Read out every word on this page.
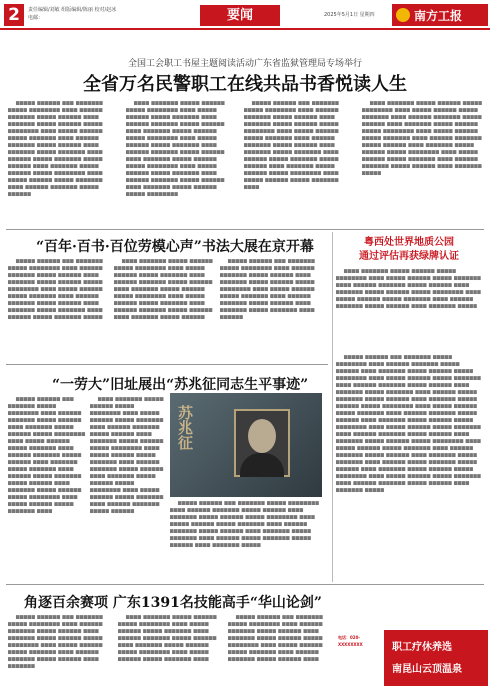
2	责任编辑/刘敏 组版编辑/陈丽 校对/赵冰
电邮：	要闻	2025年5月1日 星期四	南方工报
全国工会职工书屋主题阅读活动广东省监狱管理局专场举行
全省万名民警职工在线共品书香悦读人生
▆▆▆▆▆ ▆▆▆▆▆▆ ▆▆▆ ▆▆▆▆▆▆▆ ▆▆▆▆▆ ▆▆▆▆▆▆▆▆ ▆▆▆▆ ▆▆▆▆▆▆ ▆▆▆▆▆▆▆ ▆▆▆▆▆ ▆▆▆▆▆▆ ▆▆▆▆ ▆▆▆▆▆▆▆ ▆▆▆▆▆ ▆▆▆▆▆▆ ▆▆▆▆▆ ▆▆▆▆▆▆▆▆ ▆▆▆▆ ▆▆▆▆▆ ▆▆▆▆▆▆ ▆▆▆▆▆ ▆▆▆▆▆▆▆ ▆▆▆▆ ▆▆▆▆▆▆ ▆▆▆▆▆▆▆ ▆▆▆▆▆ ▆▆▆▆▆▆ ▆▆▆▆ ▆▆▆▆▆▆▆ ▆▆▆▆▆ ▆▆▆▆▆▆▆ ▆▆▆▆ ▆▆▆▆▆▆ ▆▆▆▆▆ ▆▆▆▆▆▆▆ ▆▆▆▆▆ ▆▆▆▆▆▆ ▆▆▆▆ ▆▆▆▆▆▆▆ ▆▆▆▆▆ ▆▆▆▆▆▆ ▆▆▆▆▆ ▆▆▆▆▆▆▆▆ ▆▆▆▆ ▆▆▆▆▆ ▆▆▆▆▆▆ ▆▆▆▆▆ ▆▆▆▆▆▆▆ ▆▆▆▆ ▆▆▆▆▆▆ ▆▆▆▆▆▆▆ ▆▆▆▆▆ ▆▆▆▆▆▆
▆▆▆▆ ▆▆▆▆▆▆▆ ▆▆▆▆▆ ▆▆▆▆▆▆ ▆▆▆▆▆ ▆▆▆▆▆▆▆▆ ▆▆▆▆ ▆▆▆▆▆ ▆▆▆▆▆▆ ▆▆▆▆▆ ▆▆▆▆▆▆▆ ▆▆▆▆ ▆▆▆▆▆▆ ▆▆▆▆▆▆▆ ▆▆▆▆▆ ▆▆▆▆▆▆ ▆▆▆▆ ▆▆▆▆▆▆▆ ▆▆▆▆▆ ▆▆▆▆▆▆ ▆▆▆▆▆ ▆▆▆▆▆▆▆▆ ▆▆▆▆ ▆▆▆▆▆ ▆▆▆▆▆▆ ▆▆▆▆▆ ▆▆▆▆▆▆▆ ▆▆▆▆ ▆▆▆▆▆▆ ▆▆▆▆▆▆▆ ▆▆▆▆▆ ▆▆▆▆▆▆ ▆▆▆▆ ▆▆▆▆▆▆▆ ▆▆▆▆▆ ▆▆▆▆▆▆ ▆▆▆▆▆ ▆▆▆▆▆▆▆▆ ▆▆▆▆ ▆▆▆▆▆ ▆▆▆▆▆▆ ▆▆▆▆▆ ▆▆▆▆▆▆▆ ▆▆▆▆ ▆▆▆▆▆▆ ▆▆▆▆▆▆▆ ▆▆▆▆▆ ▆▆▆▆▆▆ ▆▆▆▆ ▆▆▆▆▆▆▆ ▆▆▆▆▆ ▆▆▆▆▆▆ ▆▆▆▆▆ ▆▆▆▆▆▆▆▆
▆▆▆▆▆ ▆▆▆▆▆▆ ▆▆▆ ▆▆▆▆▆▆▆ ▆▆▆▆▆ ▆▆▆▆▆▆▆▆ ▆▆▆▆ ▆▆▆▆▆▆ ▆▆▆▆▆▆▆ ▆▆▆▆▆ ▆▆▆▆▆▆ ▆▆▆▆ ▆▆▆▆▆▆▆ ▆▆▆▆▆ ▆▆▆▆▆▆ ▆▆▆▆▆ ▆▆▆▆▆▆▆▆ ▆▆▆▆ ▆▆▆▆▆ ▆▆▆▆▆▆ ▆▆▆▆▆ ▆▆▆▆▆▆▆ ▆▆▆▆ ▆▆▆▆▆▆ ▆▆▆▆▆▆▆ ▆▆▆▆▆ ▆▆▆▆▆▆ ▆▆▆▆ ▆▆▆▆▆▆▆ ▆▆▆▆▆ ▆▆▆▆▆▆▆ ▆▆▆▆ ▆▆▆▆▆▆ ▆▆▆▆▆ ▆▆▆▆▆▆▆ ▆▆▆▆▆ ▆▆▆▆▆▆ ▆▆▆▆ ▆▆▆▆▆▆▆ ▆▆▆▆▆ ▆▆▆▆▆▆ ▆▆▆▆▆ ▆▆▆▆▆▆▆▆ ▆▆▆▆ ▆▆▆▆▆ ▆▆▆▆▆▆ ▆▆▆▆▆ ▆▆▆▆▆▆▆ ▆▆▆▆
▆▆▆▆ ▆▆▆▆▆▆▆ ▆▆▆▆▆ ▆▆▆▆▆▆ ▆▆▆▆▆ ▆▆▆▆▆▆▆▆ ▆▆▆▆ ▆▆▆▆▆ ▆▆▆▆▆▆ ▆▆▆▆▆ ▆▆▆▆▆▆▆ ▆▆▆▆ ▆▆▆▆▆▆ ▆▆▆▆▆▆▆ ▆▆▆▆▆ ▆▆▆▆▆▆ ▆▆▆▆ ▆▆▆▆▆▆▆ ▆▆▆▆▆ ▆▆▆▆▆▆ ▆▆▆▆▆ ▆▆▆▆▆▆▆▆ ▆▆▆▆ ▆▆▆▆▆ ▆▆▆▆▆▆ ▆▆▆▆▆ ▆▆▆▆▆▆▆ ▆▆▆▆ ▆▆▆▆▆▆ ▆▆▆▆▆▆▆ ▆▆▆▆▆ ▆▆▆▆▆▆ ▆▆▆▆ ▆▆▆▆▆▆▆ ▆▆▆▆▆ ▆▆▆▆▆▆ ▆▆▆▆▆ ▆▆▆▆▆▆▆▆ ▆▆▆▆ ▆▆▆▆▆ ▆▆▆▆▆▆ ▆▆▆▆▆ ▆▆▆▆▆▆▆ ▆▆▆▆ ▆▆▆▆▆▆ ▆▆▆▆▆▆▆ ▆▆▆▆▆ ▆▆▆▆▆▆ ▆▆▆▆ ▆▆▆▆▆▆▆ ▆▆▆▆▆
“百年·百书·百位劳模心声”书法大展在京开幕
▆▆▆▆▆ ▆▆▆▆▆▆ ▆▆▆ ▆▆▆▆▆▆▆ ▆▆▆▆▆ ▆▆▆▆▆▆▆▆ ▆▆▆▆ ▆▆▆▆▆▆ ▆▆▆▆▆▆▆ ▆▆▆▆▆ ▆▆▆▆▆▆ ▆▆▆▆ ▆▆▆▆▆▆▆ ▆▆▆▆▆ ▆▆▆▆▆▆ ▆▆▆▆▆ ▆▆▆▆▆▆▆▆ ▆▆▆▆ ▆▆▆▆▆ ▆▆▆▆▆▆ ▆▆▆▆▆ ▆▆▆▆▆▆▆ ▆▆▆▆ ▆▆▆▆▆▆ ▆▆▆▆▆▆▆ ▆▆▆▆▆ ▆▆▆▆▆▆ ▆▆▆▆ ▆▆▆▆▆▆▆ ▆▆▆▆▆ ▆▆▆▆▆▆▆ ▆▆▆▆ ▆▆▆▆▆▆ ▆▆▆▆▆ ▆▆▆▆▆▆▆ ▆▆▆▆▆
▆▆▆▆ ▆▆▆▆▆▆▆ ▆▆▆▆▆ ▆▆▆▆▆▆ ▆▆▆▆▆ ▆▆▆▆▆▆▆▆ ▆▆▆▆ ▆▆▆▆▆ ▆▆▆▆▆▆ ▆▆▆▆▆ ▆▆▆▆▆▆▆ ▆▆▆▆ ▆▆▆▆▆▆ ▆▆▆▆▆▆▆ ▆▆▆▆▆ ▆▆▆▆▆▆ ▆▆▆▆ ▆▆▆▆▆▆▆ ▆▆▆▆▆ ▆▆▆▆▆▆ ▆▆▆▆▆ ▆▆▆▆▆▆▆▆ ▆▆▆▆ ▆▆▆▆▆ ▆▆▆▆▆▆ ▆▆▆▆▆ ▆▆▆▆▆▆▆ ▆▆▆▆ ▆▆▆▆▆▆ ▆▆▆▆▆▆▆ ▆▆▆▆▆ ▆▆▆▆▆▆ ▆▆▆▆ ▆▆▆▆▆▆▆ ▆▆▆▆▆ ▆▆▆▆▆▆
▆▆▆▆▆ ▆▆▆▆▆▆ ▆▆▆ ▆▆▆▆▆▆▆ ▆▆▆▆▆ ▆▆▆▆▆▆▆▆ ▆▆▆▆ ▆▆▆▆▆▆ ▆▆▆▆▆▆▆ ▆▆▆▆▆ ▆▆▆▆▆▆ ▆▆▆▆ ▆▆▆▆▆▆▆ ▆▆▆▆▆ ▆▆▆▆▆▆ ▆▆▆▆▆ ▆▆▆▆▆▆▆▆ ▆▆▆▆ ▆▆▆▆▆ ▆▆▆▆▆▆ ▆▆▆▆▆ ▆▆▆▆▆▆▆ ▆▆▆▆ ▆▆▆▆▆▆ ▆▆▆▆▆▆▆ ▆▆▆▆▆ ▆▆▆▆▆▆ ▆▆▆▆ ▆▆▆▆▆▆▆ ▆▆▆▆▆ ▆▆▆▆▆▆▆ ▆▆▆▆ ▆▆▆▆▆▆
粤西处世界地质公园
通过评估再获绿牌认证
▆▆▆▆ ▆▆▆▆▆▆▆ ▆▆▆▆▆ ▆▆▆▆▆▆ ▆▆▆▆▆ ▆▆▆▆▆▆▆▆ ▆▆▆▆ ▆▆▆▆▆ ▆▆▆▆▆▆ ▆▆▆▆▆ ▆▆▆▆▆▆▆ ▆▆▆▆ ▆▆▆▆▆▆ ▆▆▆▆▆▆▆ ▆▆▆▆▆ ▆▆▆▆▆▆ ▆▆▆▆ ▆▆▆▆▆▆▆ ▆▆▆▆▆ ▆▆▆▆▆▆ ▆▆▆▆▆ ▆▆▆▆▆▆▆▆ ▆▆▆▆ ▆▆▆▆▆ ▆▆▆▆▆▆ ▆▆▆▆▆ ▆▆▆▆▆▆▆ ▆▆▆▆ ▆▆▆▆▆▆ ▆▆▆▆▆▆▆ ▆▆▆▆▆ ▆▆▆▆▆▆ ▆▆▆▆ ▆▆▆▆▆▆▆ ▆▆▆▆▆
▆▆▆▆▆ ▆▆▆▆▆▆ ▆▆▆ ▆▆▆▆▆▆▆ ▆▆▆▆▆ ▆▆▆▆▆▆▆▆ ▆▆▆▆ ▆▆▆▆▆▆ ▆▆▆▆▆▆▆ ▆▆▆▆▆ ▆▆▆▆▆▆ ▆▆▆▆ ▆▆▆▆▆▆▆ ▆▆▆▆▆ ▆▆▆▆▆▆ ▆▆▆▆▆ ▆▆▆▆▆▆▆▆ ▆▆▆▆ ▆▆▆▆▆ ▆▆▆▆▆▆ ▆▆▆▆▆ ▆▆▆▆▆▆▆ ▆▆▆▆ ▆▆▆▆▆▆ ▆▆▆▆▆▆▆ ▆▆▆▆▆ ▆▆▆▆▆▆ ▆▆▆▆ ▆▆▆▆▆▆▆ ▆▆▆▆▆ ▆▆▆▆▆▆▆ ▆▆▆▆ ▆▆▆▆▆▆ ▆▆▆▆▆ ▆▆▆▆▆▆▆ ▆▆▆▆▆ ▆▆▆▆▆▆ ▆▆▆▆ ▆▆▆▆▆▆▆ ▆▆▆▆▆ ▆▆▆▆▆▆ ▆▆▆▆▆ ▆▆▆▆▆▆▆▆ ▆▆▆▆ ▆▆▆▆▆ ▆▆▆▆▆▆ ▆▆▆▆▆ ▆▆▆▆▆▆▆ ▆▆▆▆ ▆▆▆▆▆▆ ▆▆▆▆▆▆▆ ▆▆▆▆▆ ▆▆▆▆▆▆ ▆▆▆▆ ▆▆▆▆▆▆▆ ▆▆▆▆▆ ▆▆▆▆▆▆ ▆▆▆▆▆ ▆▆▆▆▆▆▆▆ ▆▆▆▆ ▆▆▆▆▆ ▆▆▆▆▆▆ ▆▆▆▆▆ ▆▆▆▆▆▆▆ ▆▆▆▆ ▆▆▆▆▆▆ ▆▆▆▆▆▆▆ ▆▆▆▆▆ ▆▆▆▆▆▆ ▆▆▆▆ ▆▆▆▆▆▆▆ ▆▆▆▆▆ ▆▆▆▆▆▆ ▆▆▆▆▆ ▆▆▆▆▆▆▆▆ ▆▆▆▆ ▆▆▆▆▆ ▆▆▆▆▆▆ ▆▆▆▆▆ ▆▆▆▆▆▆▆ ▆▆▆▆ ▆▆▆▆▆▆ ▆▆▆▆▆▆▆ ▆▆▆▆▆ ▆▆▆▆▆▆ ▆▆▆▆ ▆▆▆▆▆▆▆ ▆▆▆▆▆ ▆▆▆▆▆▆▆ ▆▆▆▆ ▆▆▆▆▆▆ ▆▆▆▆▆ ▆▆▆▆▆▆▆ ▆▆▆▆▆ ▆▆▆▆▆▆ ▆▆▆▆ ▆▆▆▆▆▆▆ ▆▆▆▆▆ ▆▆▆▆▆▆ ▆▆▆▆▆ ▆▆▆▆▆▆▆▆ ▆▆▆▆ ▆▆▆▆▆ ▆▆▆▆▆▆ ▆▆▆▆▆ ▆▆▆▆▆▆▆ ▆▆▆▆ ▆▆▆▆▆▆ ▆▆▆▆▆▆▆ ▆▆▆▆▆ ▆▆▆▆▆▆ ▆▆▆▆ ▆▆▆▆▆▆▆ ▆▆▆▆▆
“一劳大”旧址展出“苏兆征同志生平事迹”
▆▆▆▆▆ ▆▆▆▆▆▆ ▆▆▆ ▆▆▆▆▆▆▆ ▆▆▆▆▆ ▆▆▆▆▆▆▆▆ ▆▆▆▆ ▆▆▆▆▆▆ ▆▆▆▆▆▆▆ ▆▆▆▆▆ ▆▆▆▆▆▆ ▆▆▆▆ ▆▆▆▆▆▆▆ ▆▆▆▆▆ ▆▆▆▆▆▆ ▆▆▆▆▆ ▆▆▆▆▆▆▆▆ ▆▆▆▆ ▆▆▆▆▆ ▆▆▆▆▆▆ ▆▆▆▆▆ ▆▆▆▆▆▆▆ ▆▆▆▆ ▆▆▆▆▆▆ ▆▆▆▆▆▆▆ ▆▆▆▆▆ ▆▆▆▆▆▆ ▆▆▆▆ ▆▆▆▆▆▆▆ ▆▆▆▆▆ ▆▆▆▆▆▆▆ ▆▆▆▆ ▆▆▆▆▆▆ ▆▆▆▆▆ ▆▆▆▆▆▆▆ ▆▆▆▆▆ ▆▆▆▆▆▆ ▆▆▆▆ ▆▆▆▆▆▆▆ ▆▆▆▆▆ ▆▆▆▆▆▆ ▆▆▆▆▆ ▆▆▆▆▆▆▆▆ ▆▆▆▆ ▆▆▆▆▆ ▆▆▆▆▆▆ ▆▆▆▆▆ ▆▆▆▆▆▆▆ ▆▆▆▆
▆▆▆▆ ▆▆▆▆▆▆▆ ▆▆▆▆▆ ▆▆▆▆▆▆ ▆▆▆▆▆ ▆▆▆▆▆▆▆▆ ▆▆▆▆ ▆▆▆▆▆ ▆▆▆▆▆▆ ▆▆▆▆▆ ▆▆▆▆▆▆▆ ▆▆▆▆ ▆▆▆▆▆▆ ▆▆▆▆▆▆▆ ▆▆▆▆▆ ▆▆▆▆▆▆ ▆▆▆▆ ▆▆▆▆▆▆▆ ▆▆▆▆▆ ▆▆▆▆▆▆ ▆▆▆▆▆ ▆▆▆▆▆▆▆▆ ▆▆▆▆ ▆▆▆▆▆ ▆▆▆▆▆▆ ▆▆▆▆▆ ▆▆▆▆▆▆▆ ▆▆▆▆ ▆▆▆▆▆▆ ▆▆▆▆▆▆▆ ▆▆▆▆▆ ▆▆▆▆▆▆ ▆▆▆▆ ▆▆▆▆▆▆▆ ▆▆▆▆▆ ▆▆▆▆▆▆ ▆▆▆▆▆ ▆▆▆▆▆▆▆▆ ▆▆▆▆ ▆▆▆▆▆ ▆▆▆▆▆▆ ▆▆▆▆▆ ▆▆▆▆▆▆▆ ▆▆▆▆ ▆▆▆▆▆▆ ▆▆▆▆▆▆▆ ▆▆▆▆▆ ▆▆▆▆▆▆
苏兆征
▆▆▆▆▆ ▆▆▆▆▆▆ ▆▆▆ ▆▆▆▆▆▆▆ ▆▆▆▆▆ ▆▆▆▆▆▆▆▆ ▆▆▆▆ ▆▆▆▆▆▆ ▆▆▆▆▆▆▆ ▆▆▆▆▆ ▆▆▆▆▆▆ ▆▆▆▆ ▆▆▆▆▆▆▆ ▆▆▆▆▆ ▆▆▆▆▆▆ ▆▆▆▆▆ ▆▆▆▆▆▆▆▆ ▆▆▆▆ ▆▆▆▆▆ ▆▆▆▆▆▆ ▆▆▆▆▆ ▆▆▆▆▆▆▆ ▆▆▆▆ ▆▆▆▆▆▆ ▆▆▆▆▆▆▆ ▆▆▆▆▆ ▆▆▆▆▆▆ ▆▆▆▆ ▆▆▆▆▆▆▆ ▆▆▆▆▆ ▆▆▆▆▆▆▆ ▆▆▆▆ ▆▆▆▆▆▆ ▆▆▆▆▆ ▆▆▆▆▆▆▆ ▆▆▆▆▆ ▆▆▆▆▆▆ ▆▆▆▆ ▆▆▆▆▆▆▆ ▆▆▆▆▆
角逐百余赛项 广东1391名技能高手“华山论剑”
▆▆▆▆▆ ▆▆▆▆▆▆ ▆▆▆ ▆▆▆▆▆▆▆ ▆▆▆▆▆ ▆▆▆▆▆▆▆▆ ▆▆▆▆ ▆▆▆▆▆▆ ▆▆▆▆▆▆▆ ▆▆▆▆▆ ▆▆▆▆▆▆ ▆▆▆▆ ▆▆▆▆▆▆▆ ▆▆▆▆▆ ▆▆▆▆▆▆ ▆▆▆▆▆ ▆▆▆▆▆▆▆▆ ▆▆▆▆ ▆▆▆▆▆ ▆▆▆▆▆▆ ▆▆▆▆▆ ▆▆▆▆▆▆▆ ▆▆▆▆ ▆▆▆▆▆▆ ▆▆▆▆▆▆▆ ▆▆▆▆▆ ▆▆▆▆▆▆ ▆▆▆▆ ▆▆▆▆▆▆▆
▆▆▆▆ ▆▆▆▆▆▆▆ ▆▆▆▆▆ ▆▆▆▆▆▆ ▆▆▆▆▆ ▆▆▆▆▆▆▆▆ ▆▆▆▆ ▆▆▆▆▆ ▆▆▆▆▆▆ ▆▆▆▆▆ ▆▆▆▆▆▆▆ ▆▆▆▆ ▆▆▆▆▆▆ ▆▆▆▆▆▆▆ ▆▆▆▆▆ ▆▆▆▆▆▆ ▆▆▆▆ ▆▆▆▆▆▆▆ ▆▆▆▆▆ ▆▆▆▆▆▆ ▆▆▆▆▆ ▆▆▆▆▆▆▆▆ ▆▆▆▆ ▆▆▆▆▆ ▆▆▆▆▆▆ ▆▆▆▆▆ ▆▆▆▆▆▆▆ ▆▆▆▆
▆▆▆▆▆ ▆▆▆▆▆▆ ▆▆▆ ▆▆▆▆▆▆▆ ▆▆▆▆▆ ▆▆▆▆▆▆▆▆ ▆▆▆▆ ▆▆▆▆▆▆ ▆▆▆▆▆▆▆ ▆▆▆▆▆ ▆▆▆▆▆▆ ▆▆▆▆ ▆▆▆▆▆▆▆ ▆▆▆▆▆ ▆▆▆▆▆▆ ▆▆▆▆▆ ▆▆▆▆▆▆▆▆ ▆▆▆▆ ▆▆▆▆▆ ▆▆▆▆▆▆ ▆▆▆▆▆ ▆▆▆▆▆▆▆ ▆▆▆▆ ▆▆▆▆▆▆ ▆▆▆▆▆▆▆ ▆▆▆▆▆ ▆▆▆▆▆▆ ▆▆▆▆
电话：020-XXXXXXXX	职工疗休养选
南昆山云顶温泉
